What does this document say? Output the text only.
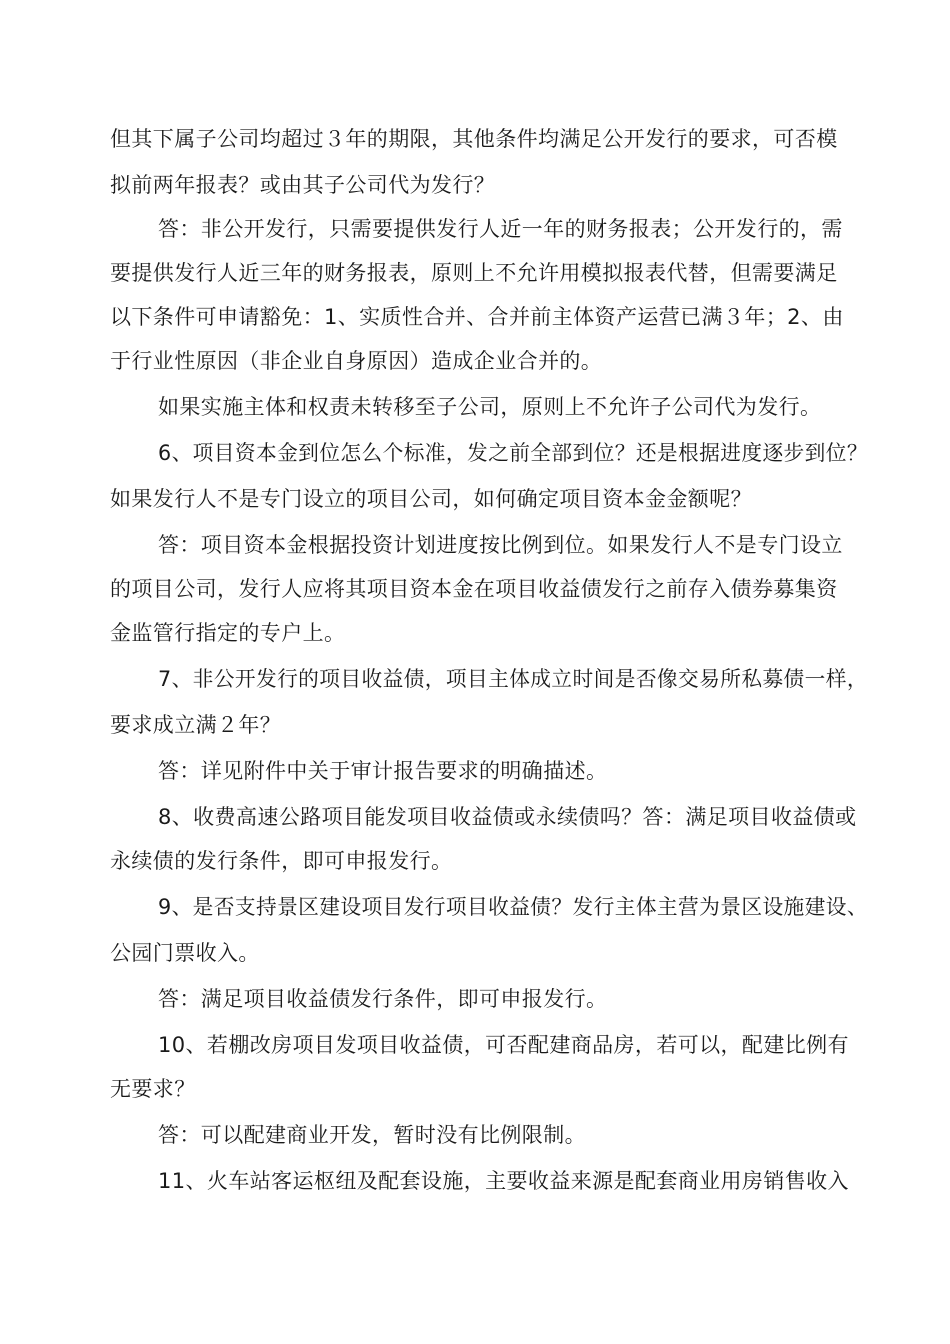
但其下属子公司均超过３年的期限，其他条件均满足公开发行的要求，可否模

拟前两年报表？或由其子公司代为发行？

答：非公开发行，只需要提供发行人近一年的财务报表；公开发行的，需

要提供发行人近三年的财务报表，原则上不允许用模拟报表代替，但需要满足

以下条件可申请豁免：1、实质性合并、合并前主体资产运营已满３年；2、由

于行业性原因（非企业自身原因）造成企业合并的。

如果实施主体和权责未转移至子公司，原则上不允许子公司代为发行。

6、项目资本金到位怎么个标准，发之前全部到位？还是根据进度逐步到位？

如果发行人不是专门设立的项目公司，如何确定项目资本金金额呢？

答：项目资本金根据投资计划进度按比例到位。如果发行人不是专门设立

的项目公司，发行人应将其项目资本金在项目收益债发行之前存入债券募集资

金监管行指定的专户上。

7、非公开发行的项目收益债，项目主体成立时间是否像交易所私募债一样，

要求成立满２年？

答：详见附件中关于审计报告要求的明确描述。

8、收费高速公路项目能发项目收益债或永续债吗？答：满足项目收益债或

永续债的发行条件，即可申报发行。

9、是否支持景区建设项目发行项目收益债？发行主体主营为景区设施建设、

公园门票收入。

答：满足项目收益债发行条件，即可申报发行。

10、若棚改房项目发项目收益债，可否配建商品房，若可以，配建比例有

无要求？

答：可以配建商业开发，暂时没有比例限制。

11、火车站客运枢纽及配套设施，主要收益来源是配套商业用房销售收入
